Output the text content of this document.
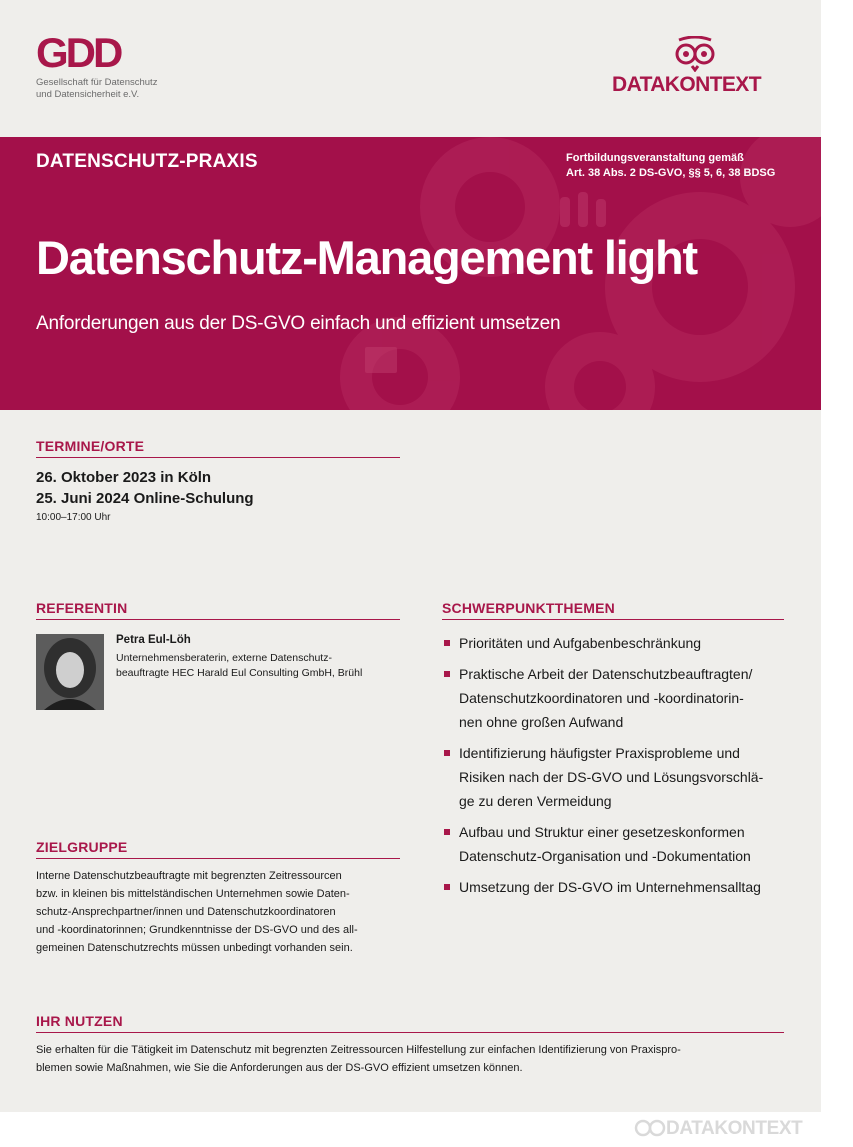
GDD
Gesellschaft für Datenschutz
und Datensicherheit e.V.	DATAKONTEXT
DATENSCHUTZ-PRAXIS	Fortbildungsveranstaltung gemäß
Art. 38 Abs. 2 DS-GVO, §§ 5, 6, 38 BDSG
Datenschutz-Management light
Anforderungen aus der DS-GVO einfach und effizient umsetzen
TERMINE/ORTE
26. Oktober 2023 in Köln
25. Juni 2024 Online-Schulung
10:00–17:00 Uhr
REFERENTIN
Petra Eul-Löh
Unternehmensberaterin, externe Datenschutz-
beauftragte HEC Harald Eul Consulting GmbH, Brühl
SCHWERPUNKTTHEMEN
Prioritäten und Aufgabenbeschränkung
Praktische Arbeit der Datenschutzbeauftragten/
Datenschutzkoordinatoren und -koordinatorin-
nen ohne großen Aufwand
Identifizierung häufigster Praxisprobleme und
Risiken nach der DS-GVO und Lösungsvorschlä-
ge zu deren Vermeidung
Aufbau und Struktur einer gesetzeskonformen
Datenschutz-Organisation und -Dokumentation
Umsetzung der DS-GVO im Unternehmensalltag
ZIELGRUPPE
Interne Datenschutzbeauftragte mit begrenzten Zeitressourcen
bzw. in kleinen bis mittelständischen Unternehmen sowie Daten-
schutz-Ansprechpartner/innen und Datenschutzkoordinatoren
und -koordinatorinnen; Grundkenntnisse der DS-GVO und des all-
gemeinen Datenschutzrechts müssen unbedingt vorhanden sein.
IHR NUTZEN
Sie erhalten für die Tätigkeit im Datenschutz mit begrenzten Zeitressourcen Hilfestellung zur einfachen Identifizierung von Praxispro-
blemen sowie Maßnahmen, wie Sie die Anforderungen aus der DS-GVO effizient umsetzen können.
DATAKONTEXT
